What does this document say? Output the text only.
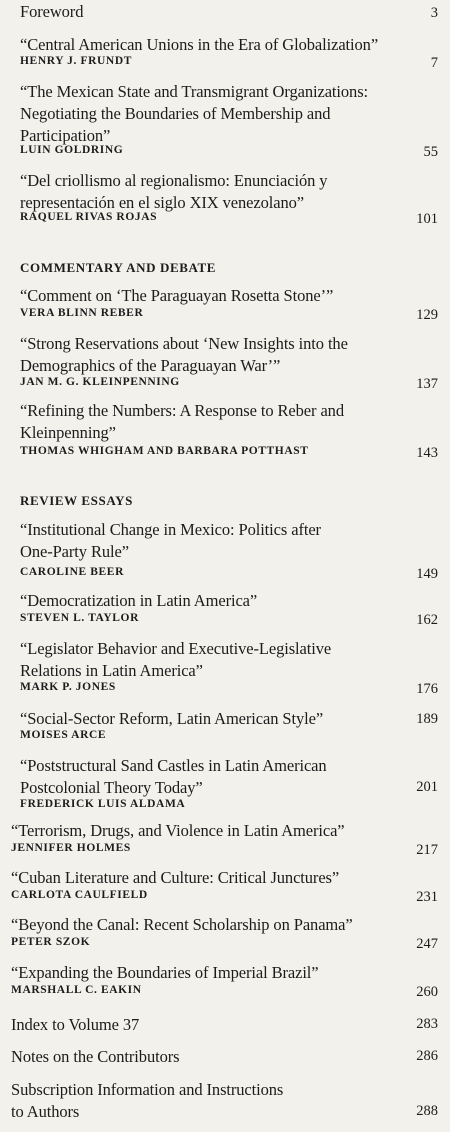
Foreword	3
“Central American Unions in the Era of Globalization”
HENRY J. FRUNDT	7
“The Mexican State and Transmigrant Organizations:
Negotiating the Boundaries of Membership and
Participation”
LUIN GOLDRING	55
“Del criollismo al regionalismo: Enunciación y
representación en el siglo XIX venezolano”
RAQUEL RIVAS ROJAS	101
COMMENTARY AND DEBATE
“Comment on ‘The Paraguayan Rosetta Stone’”
VERA BLINN REBER	129
“Strong Reservations about ‘New Insights into the
Demographics of the Paraguayan War’”
JAN M. G. KLEINPENNING	137
“Refining the Numbers: A Response to Reber and
Kleinpenning”
THOMAS WHIGHAM AND BARBARA POTTHAST	143
REVIEW ESSAYS
“Institutional Change in Mexico: Politics after
One-Party Rule”
CAROLINE BEER	149
“Democratization in Latin America”
STEVEN L. TAYLOR	162
“Legislator Behavior and Executive-Legislative
Relations in Latin America”
MARK P. JONES	176
“Social-Sector Reform, Latin American Style”
MOISES ARCE
189
“Poststructural Sand Castles in Latin American
Postcolonial Theory Today”
FREDERICK LUIS ALDAMA
201
“Terrorism, Drugs, and Violence in Latin America”
JENNIFER HOLMES	217
“Cuban Literature and Culture: Critical Junctures”
CARLOTA CAULFIELD	231
“Beyond the Canal: Recent Scholarship on Panama”
PETER SZOK	247
“Expanding the Boundaries of Imperial Brazil”
MARSHALL C. EAKIN	260
Index to Volume 37	283
Notes on the Contributors	286
Subscription Information and Instructions
to Authors	288
